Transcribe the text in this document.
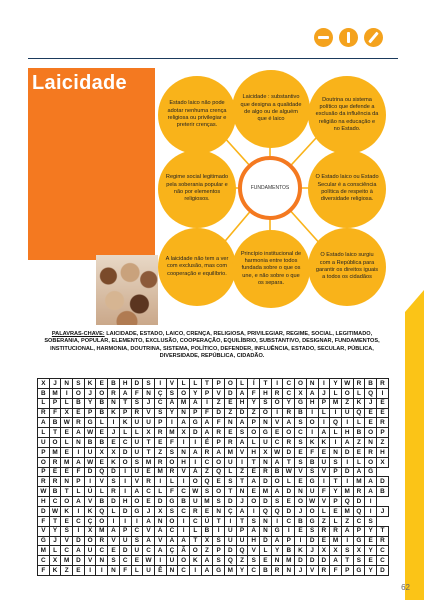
Laicidade
Estado laico não pode adotar nenhuma crença religiosa ou privilegiar e preterir crenças.
Laicidade : substantivo que designa a qualidade de algo ou de alguém que é laico
Doutrina ou sistema político que defende a exclusão da influência da religião na educação e no Estado.
Regime social legitimado pela soberania popular e não por elementos religiosos.
O Estado laico ou Estado Secular é a consciência política de respeito à diversidade religiosa.
A laicidade não tem a ver com exclusão, mas com cooperação e equilíbrio.
Princípio institucional de harmonia entre todos fundada sobre o que os une, e não sobre o que os separa.
O Estado laico surgiu com a República para garantir os direitos iguais a todos os cidadãos
FUNDAMENTOS
PALAVRAS-CHAVE: LAICIDADE, ESTADO, LAICO, CRENÇA, RELIGIOSA, PRIVILEGIAR, REGIME, SOCIAL, LEGITIMADO, SOBERANIA, POPULAR, ELEMENTO, EXCLUSÃO, COOPERAÇÃO, EQUILÍBRIO, SUBSTANTIVO, DESIGNAR, FUNDAMENTOS, INSTITUCIONAL, HARMONIA, DOUTRINA, SISTEMA, POLÍTICO, DEFENDER, INFLUÊNCIA, ESTADO, SECULAR, PÚBLICA, DIVERSIDADE, REPÚBLICA, CIDADÃO.
X	J	N	S	K	E	B	H	D	S	I	V	L	L	T	P	O	L	Í	T	I	C	O	N	I	Y	W	R	B	R
B	M	I	O	J	O	R	A	F	N	Ç	S	O	Y	P	V	D	A	F	H	R	C	X	A	J	L	O	L	Q	I
L	P	L	B	Y	B	N	T	S	J	C	Ã	M	A	I	Z	E	H	Y	S	O	Y	G	H	P	M	Z	K	J	E
R	F	X	E	P	B	K	P	R	V	S	Y	N	P	F	D	Z	D	Z	O	I	R	B	I	L	I	U	Q	E	E
A	B	W	R	G	L	I	K	U	U	P	I	A	G	A	F	N	A	P	N	V	A	S	O	I	Q	I	L	E	R
L	T	E	A	W	E	J	L	L	X	R	M	X	D	A	R	E	S	O	G	E	O	C	I	A	L	H	B	O	P
U	O	L	N	B	B	E	C	U	T	E	F	I	I	É	P	R	A	L	U	C	R	S	K	K	I	A	Z	N	Z
P	M	E	I	U	X	X	D	U	T	Z	S	N	A	R	A	M	V	H	X	W	D	E	F	E	N	D	E	R	H
O	R	M	A	W	E	K	O	S	M	R	O	H	I	C	O	U	I	T	N	A	T	S	B	U	S	I	L	O	X
P	E	E	F	D	Q	D	I	U	E	M	R	V	Á	Z	Q	L	Z	E	R	B	W	V	S	V	P	D	A	G	
R	R	N	P	I	V	S	I	V	R	I	L	I	O	Q	E	S	T	A	D	O	L	E	G	I	T	I	M	A	D
W	B	T	L	Ú	L	R	I	A	C	L	F	C	W	S	O	T	N	E	M	A	D	N	U	F	Y	M	R	A	B
H	C	O	A	V	B	D	H	O	E	D	G	B	U	M	S	D	J	O	D	S	E	O	W	V	P	Q	D	I	
D	W	K	I	K	Q	L	D	G	J	X	S	C	R	E	N	Ç	A	I	Q	Q	D	J	O	L	E	M	Q	I	J
F	T	E	C	Ç	O	I	I	I	A	N	O	I	C	Ú	T	I	T	S	N	I	C	B	G	Z	L	Z	C	S	
V	Y	S	I	X	M	A	P	C	V	A	C	I	L	B	Í	U	P	A	N	G	I	E	S	R	R	A	P	Y	T
G	J	V	D	O	R	V	U	S	A	V	A	A	T	X	S	U	U	H	D	A	P	I	D	E	M	I	G	E	R
M	L	C	A	U	C	E	D	U	C	A	Ç	Ã	O	Z	P	D	Q	V	L	Y	B	K	J	X	X	S	X	Y	C
C	X	M	D	V	N	S	C	E	W	I	U	O	K	A	S	Q	Z	S	E	N	M	D	D	D	A	T	S	E	C
F	K	Z	E	I	I	N	F	L	U	Ê	N	C	I	A	G	M	Y	C	B	R	N	J	V	R	F	P	G	Y	D
62
